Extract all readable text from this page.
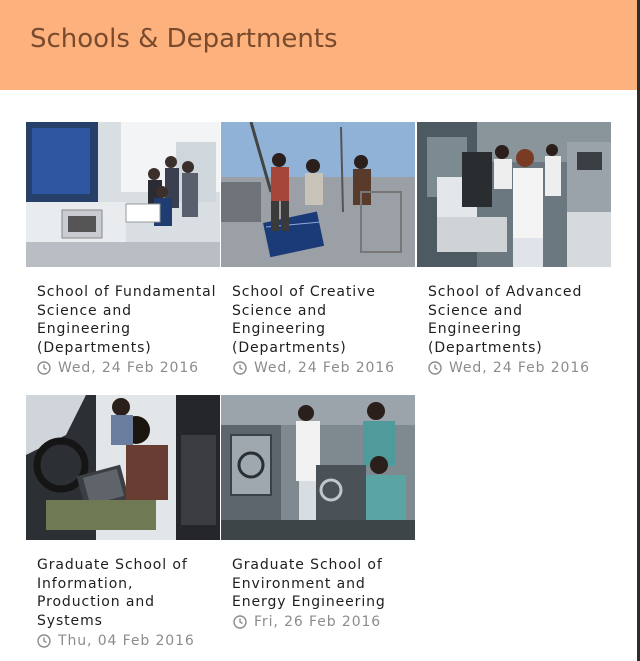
Schools & Departments
School of Fundamental Science and Engineering (Departments)
Wed, 24 Feb 2016
School of Creative Science and Engineering (Departments)
Wed, 24 Feb 2016
School of Advanced Science and Engineering (Departments)
Wed, 24 Feb 2016
Graduate School of Information, Production and Systems
Thu, 04 Feb 2016
Graduate School of Environment and Energy Engineering
Fri, 26 Feb 2016
